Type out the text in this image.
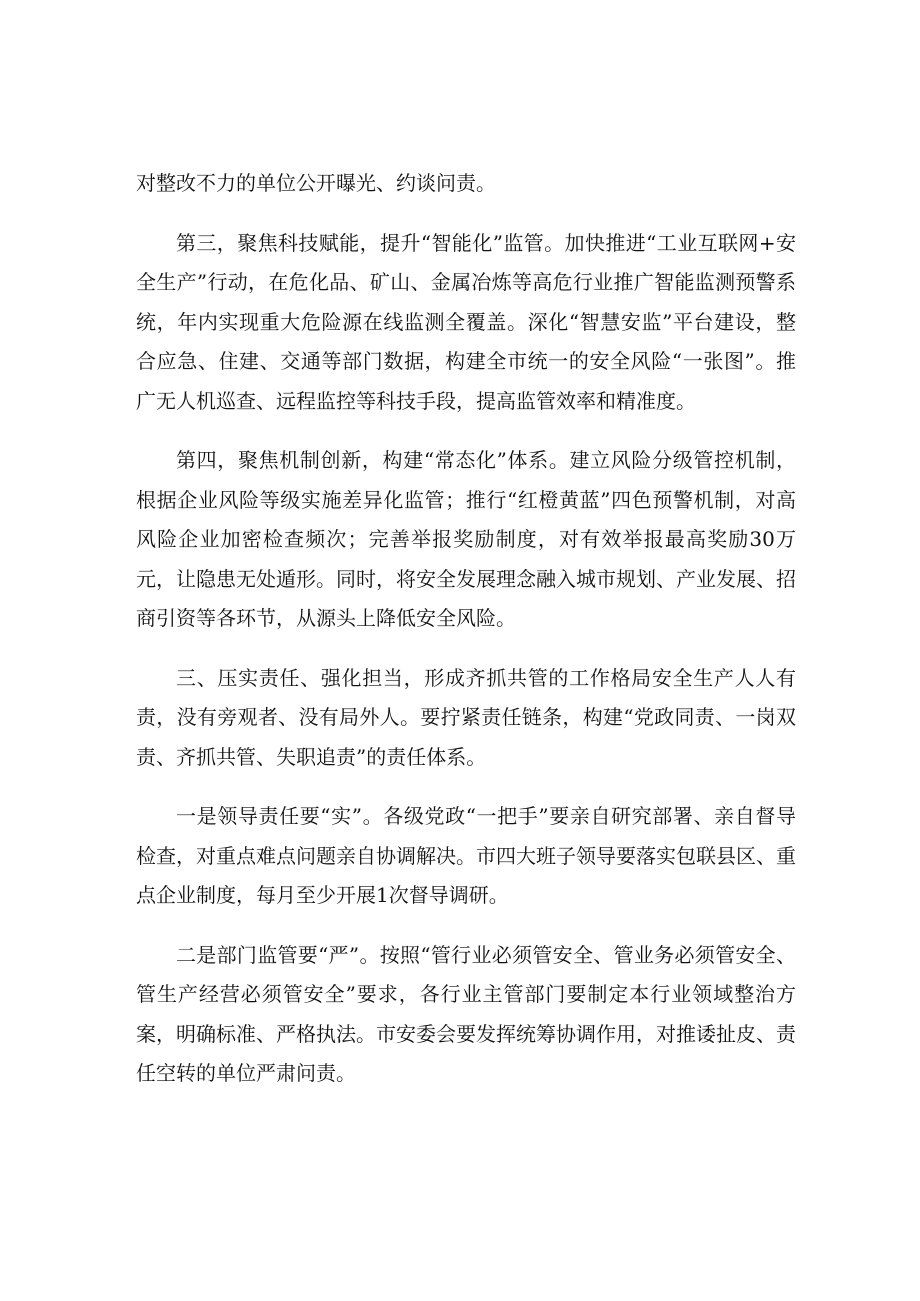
对整改不力的单位公开曝光、约谈问责。

第三，聚焦科技赋能，提升“智能化”监管。加快推进“工业互联网+安全生产”行动，在危化品、矿山、金属冶炼等高危行业推广智能监测预警系统，年内实现重大危险源在线监测全覆盖。深化“智慧安监”平台建设，整合应急、住建、交通等部门数据，构建全市统一的安全风险“一张图”。推广无人机巡查、远程监控等科技手段，提高监管效率和精准度。

第四，聚焦机制创新，构建“常态化”体系。建立风险分级管控机制，根据企业风险等级实施差异化监管；推行“红橙黄蓝”四色预警机制，对高风险企业加密检查频次；完善举报奖励制度，对有效举报最高奖励30万元，让隐患无处遁形。同时，将安全发展理念融入城市规划、产业发展、招商引资等各环节，从源头上降低安全风险。

三、压实责任、强化担当，形成齐抓共管的工作格局安全生产人人有责，没有旁观者、没有局外人。要拧紧责任链条，构建“党政同责、一岗双责、齐抓共管、失职追责”的责任体系。

一是领导责任要“实”。各级党政“一把手”要亲自研究部署、亲自督导检查，对重点难点问题亲自协调解决。市四大班子领导要落实包联县区、重点企业制度，每月至少开展1次督导调研。

二是部门监管要“严”。按照“管行业必须管安全、管业务必须管安全、管生产经营必须管安全”要求，各行业主管部门要制定本行业领域整治方案，明确标准、严格执法。市安委会要发挥统筹协调作用，对推诿扯皮、责任空转的单位严肃问责。
